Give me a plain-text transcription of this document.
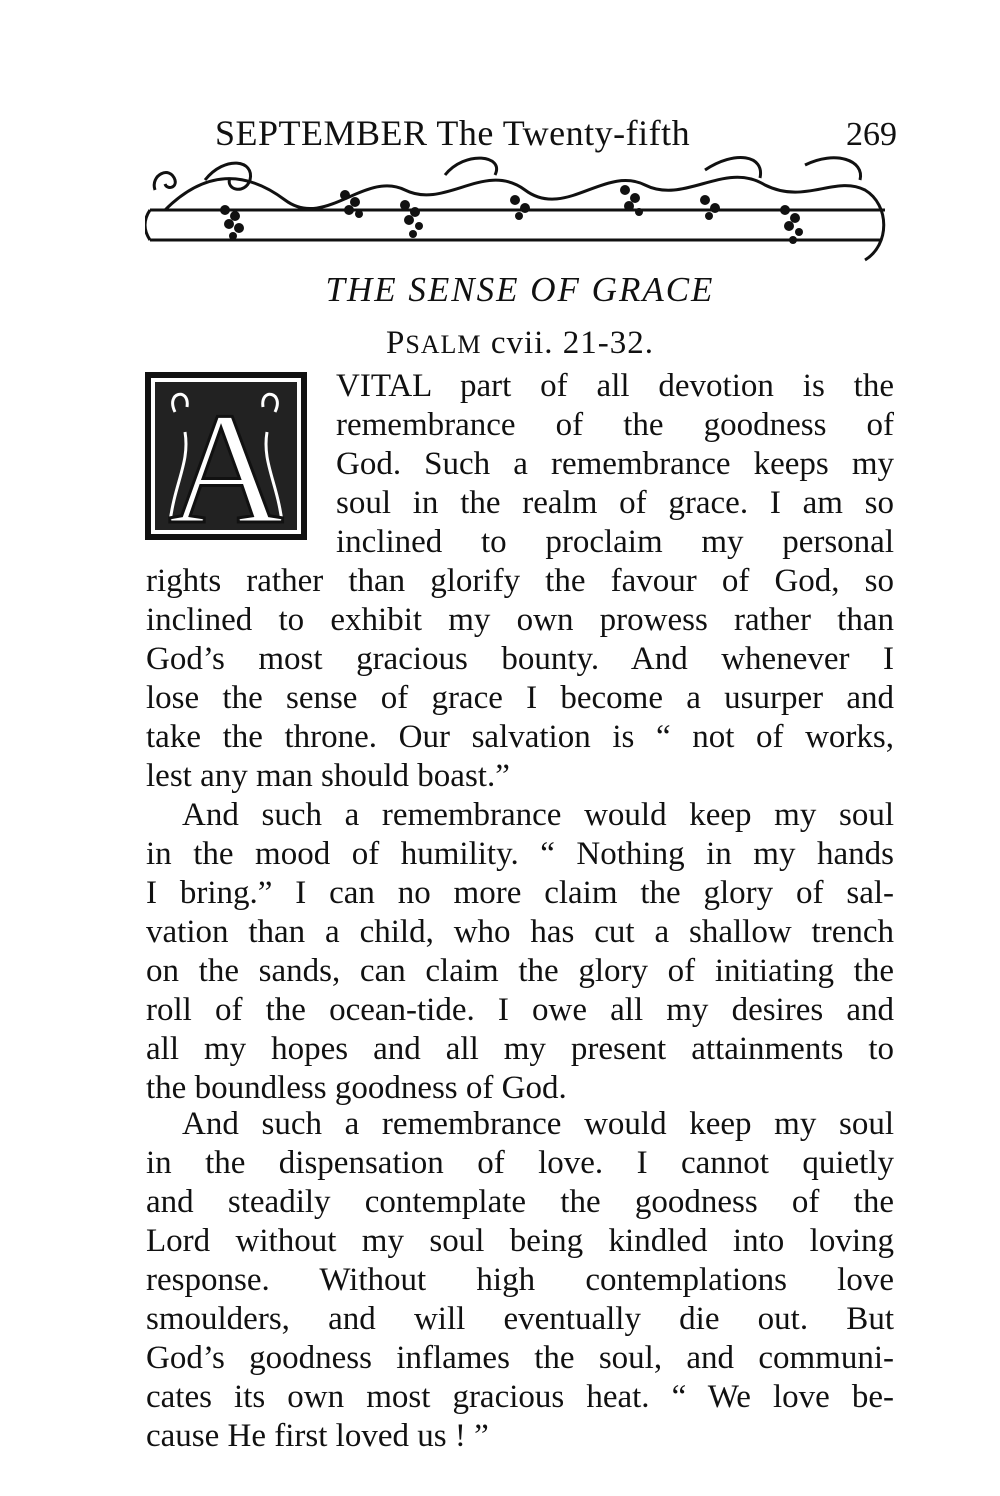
SEPTEMBER The Twenty-fifth	269
THE SENSE OF GRACE
PSALM cvii. 21-32.
A VITAL part of all devotion is the
remembrance of the goodness of
God. Such a remembrance keeps my
soul in the realm of grace. I am so
inclined to proclaim my personal
rights rather than glorify the favour of God, so
inclined to exhibit my own prowess rather than
God’s most gracious bounty. And whenever I
lose the sense of grace I become a usurper and
take the throne. Our salvation is “ not of works,
lest any man should boast.”
And such a remembrance would keep my soul
in the mood of humility. “ Nothing in my hands
I bring.” I can no more claim the glory of sal-
vation than a child, who has cut a shallow trench
on the sands, can claim the glory of initiating the
roll of the ocean-tide. I owe all my desires and
all my hopes and all my present attainments to
the boundless goodness of God.
And such a remembrance would keep my soul
in the dispensation of love. I cannot quietly
and steadily contemplate the goodness of the
Lord without my soul being kindled into loving
response. Without high contemplations love
smoulders, and will eventually die out. But
God’s goodness inflames the soul, and communi-
cates its own most gracious heat. “ We love be-
cause He first loved us ! ”
